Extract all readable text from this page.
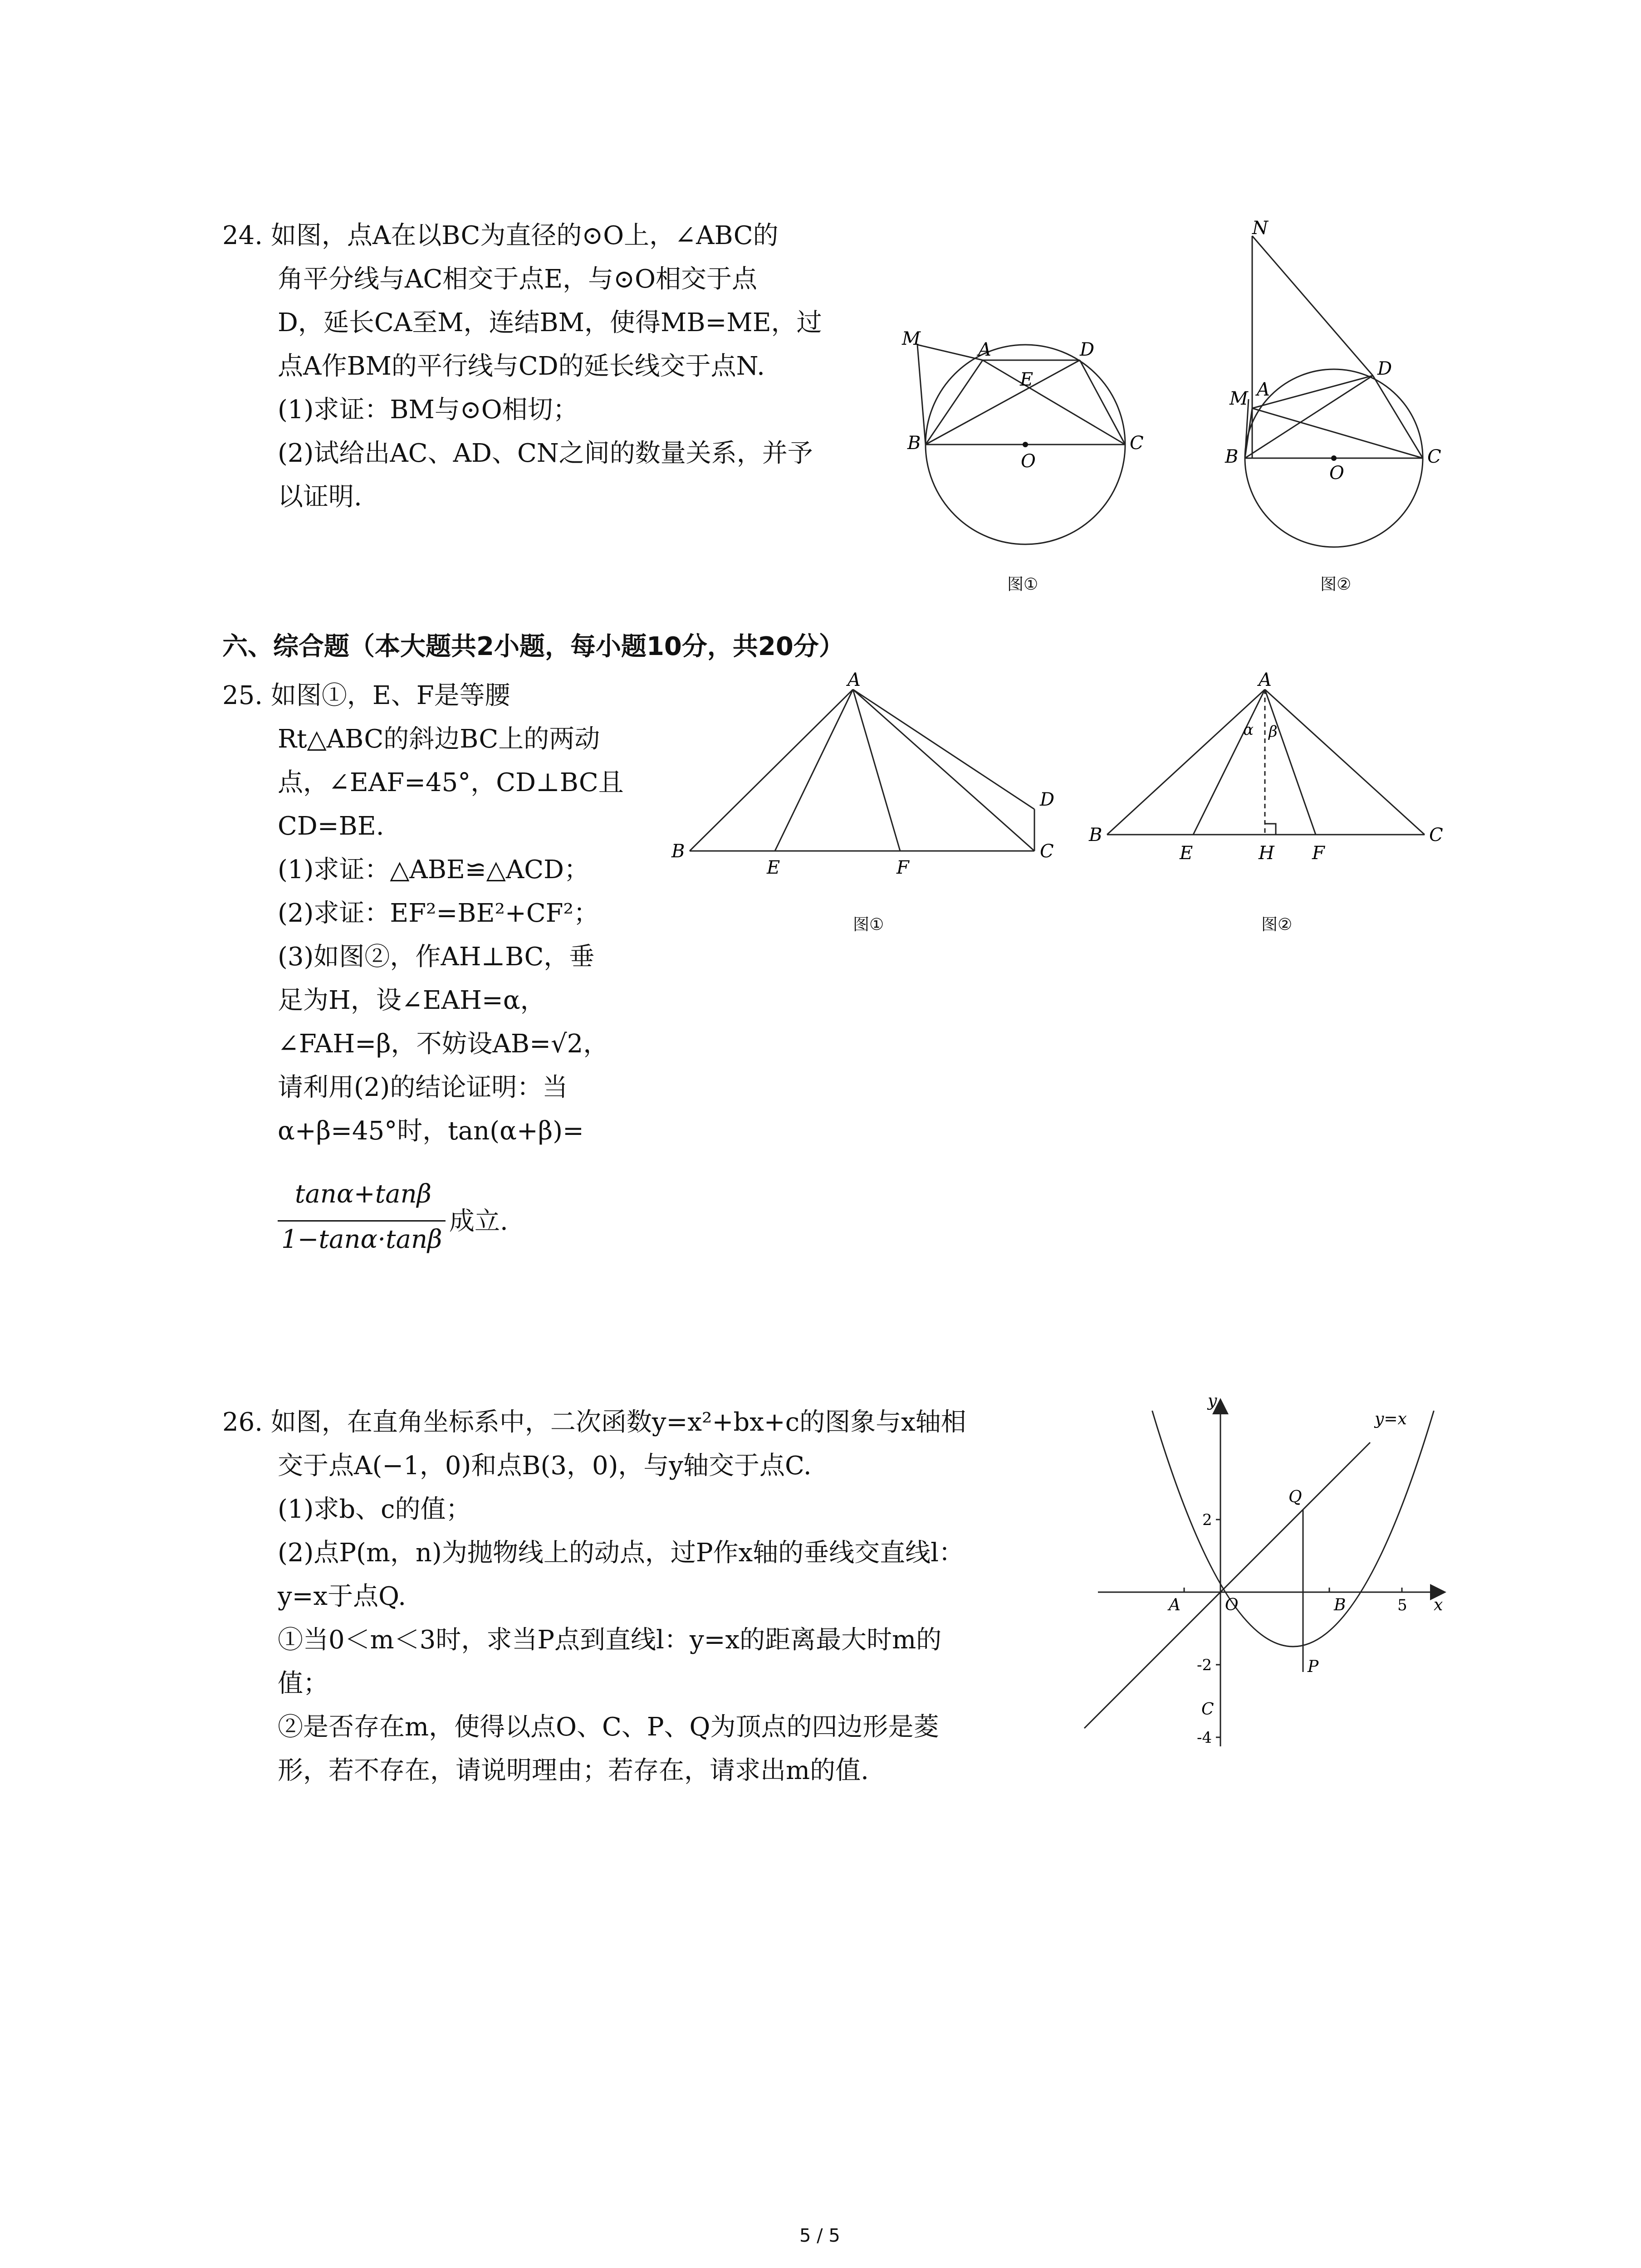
24. 如图，点A在以BC为直径的⊙O上，∠ABC的
角平分线与AC相交于点E，与⊙O相交于点
D，延长CA至M，连结BM，使得MB=ME，过
点A作BM的平行线与CD的延长线交于点N.
(1)求证：BM与⊙O相切；
(2)试给出AC、AD、CN之间的数量关系，并予
以证明.
M
A	D
E
B
O
C
图①
N
M A
D
B
O
C
图②
六、综合题（本大题共2小题，每小题10分，共20分）
25. 如图①，E、F是等腰
Rt△ABC的斜边BC上的两动
点，∠EAF=45°，CD⊥BC且
CD=BE.
(1)求证：△ABE≌△ACD；
(2)求证：EF²=BE²+CF²；
(3)如图②，作AH⊥BC，垂
足为H，设∠EAH=α，
∠FAH=β，不妨设AB=√2，
请利用(2)的结论证明：当
α+β=45°时，tan(α+β)=
tanα+tanβ
1−tanα·tanβ
成立.
A
B
E	F
C
D
图①
A
α β
B
E	H F
C
图②
26. 如图，在直角坐标系中，二次函数y=x²+bx+c的图象与x轴相
交于点A(−1，0)和点B(3，0)，与y轴交于点C.
(1)求b、c的值；
(2)点P(m，n)为抛物线上的动点，过P作x轴的垂线交直线l：
y=x于点Q.
①当0＜m＜3时，求当P点到直线l：y=x的距离最大时m的
值；
②是否存在m，使得以点O、C、P、Q为顶点的四边形是菱
形，若不存在，请说明理由；若存在，请求出m的值.
y
x
y=x
Q
2
A	O	B	5
-2	P
C
-4
5 / 5
